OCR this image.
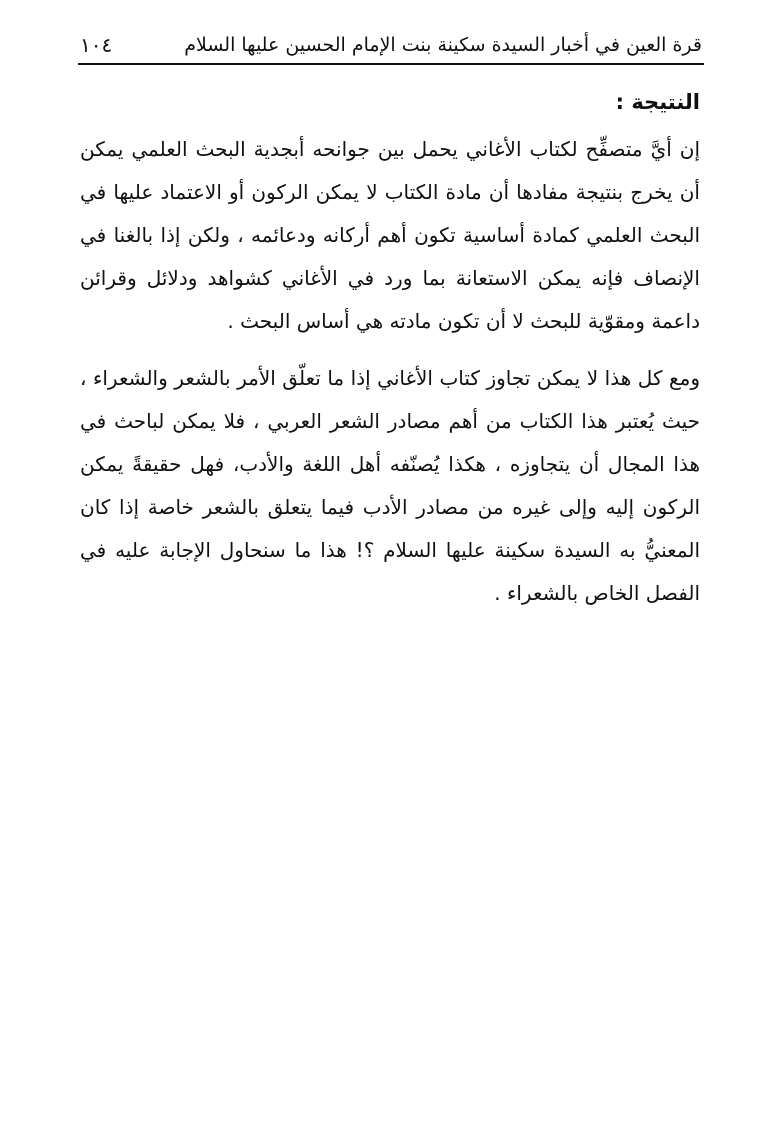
قرة العين في أخبار السيدة سكينة بنت الإمام الحسين عليها السلام
١٠٤
النتيجة :

إن أيَّ متصفِّح لكتاب الأغاني يحمل بين جوانحه أبجدية البحث العلمي يمكن أن يخرج بنتيجة مفادها أن مادة الكتاب لا يمكن الركون أو الاعتماد عليها في البحث العلمي كمادة أساسية تكون أهم أركانه ودعائمه ، ولكن إذا بالغنا في الإنصاف فإنه يمكن الاستعانة بما ورد في الأغاني كشواهد ودلائل وقرائن داعمة ومقوّية للبحث لا أن تكون مادته هي أساس البحث .

ومع كل هذا لا يمكن تجاوز كتاب الأغاني إذا ما تعلّق الأمر بالشعر والشعراء ، حيث يُعتبر هذا الكتاب من أهم مصادر الشعر العربي ، فلا يمكن لباحث في هذا المجال أن يتجاوزه ، هكذا يُصنّفه أهل اللغة والأدب، فهل حقيقةً يمكن الركون إليه وإلى غيره من مصادر الأدب فيما يتعلق بالشعر خاصة إذا كان المعنيُّ به السيدة سكينة عليها السلام ؟! هذا ما سنحاول الإجابة عليه في الفصل الخاص بالشعراء .
